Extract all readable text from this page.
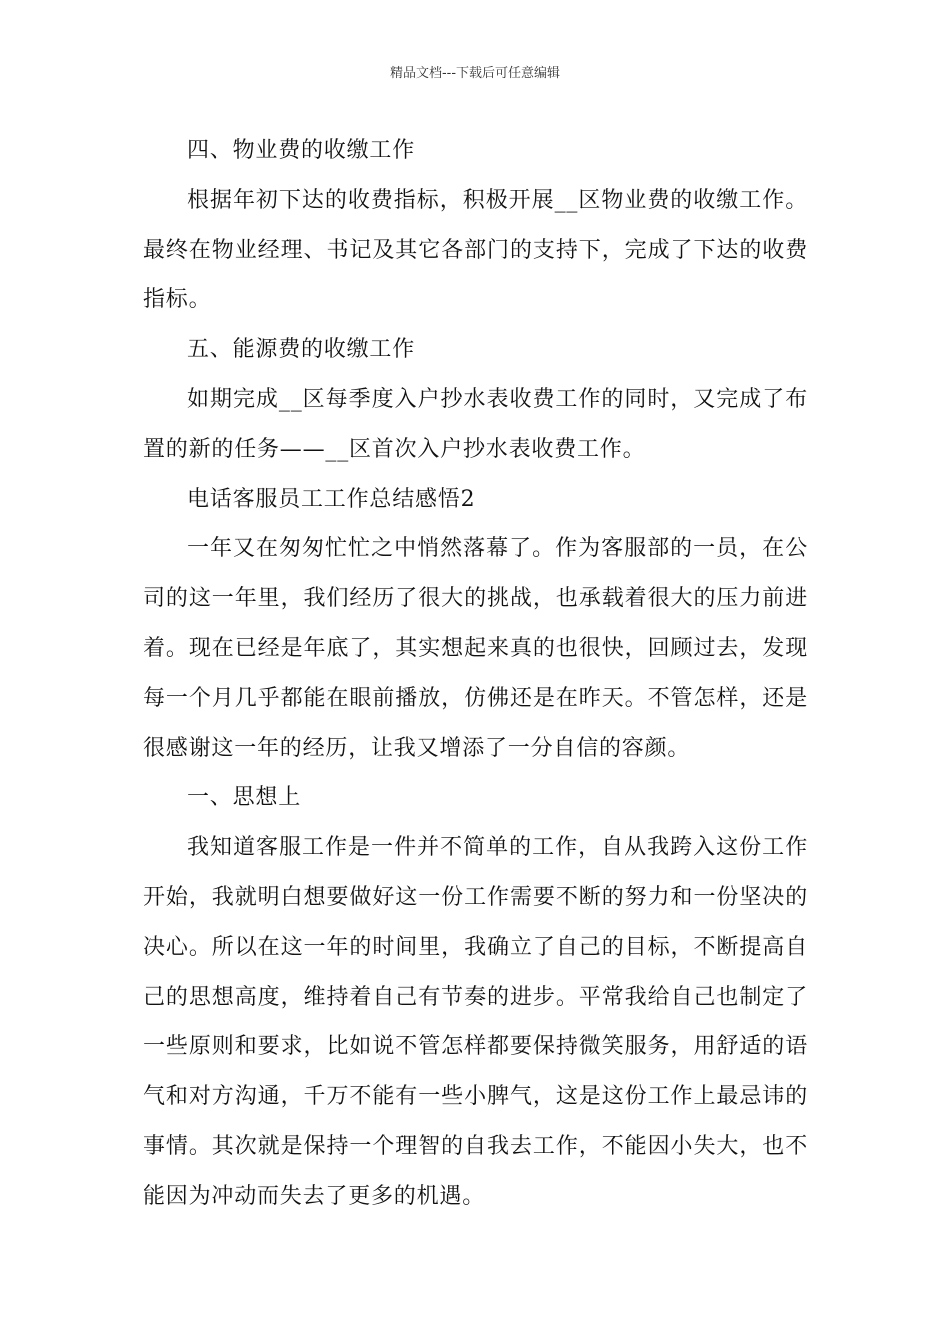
精品文档---下载后可任意编辑

四、物业费的收缴工作

根据年初下达的收费指标，积极开展__区物业费的收缴工作。最终在物业经理、书记及其它各部门的支持下，完成了下达的收费指标。

五、能源费的收缴工作

如期完成__区每季度入户抄水表收费工作的同时，又完成了布置的新的任务——__区首次入户抄水表收费工作。

电话客服员工工作总结感悟2

一年又在匆匆忙忙之中悄然落幕了。作为客服部的一员，在公司的这一年里，我们经历了很大的挑战，也承载着很大的压力前进着。现在已经是年底了，其实想起来真的也很快，回顾过去，发现每一个月几乎都能在眼前播放，仿佛还是在昨天。不管怎样，还是很感谢这一年的经历，让我又增添了一分自信的容颜。

一、思想上

我知道客服工作是一件并不简单的工作，自从我跨入这份工作开始，我就明白想要做好这一份工作需要不断的努力和一份坚决的决心。所以在这一年的时间里，我确立了自己的目标，不断提高自己的思想高度，维持着自己有节奏的进步。平常我给自己也制定了一些原则和要求，比如说不管怎样都要保持微笑服务，用舒适的语气和对方沟通，千万不能有一些小脾气，这是这份工作上最忌讳的事情。其次就是保持一个理智的自我去工作，不能因小失大，也不能因为冲动而失去了更多的机遇。
